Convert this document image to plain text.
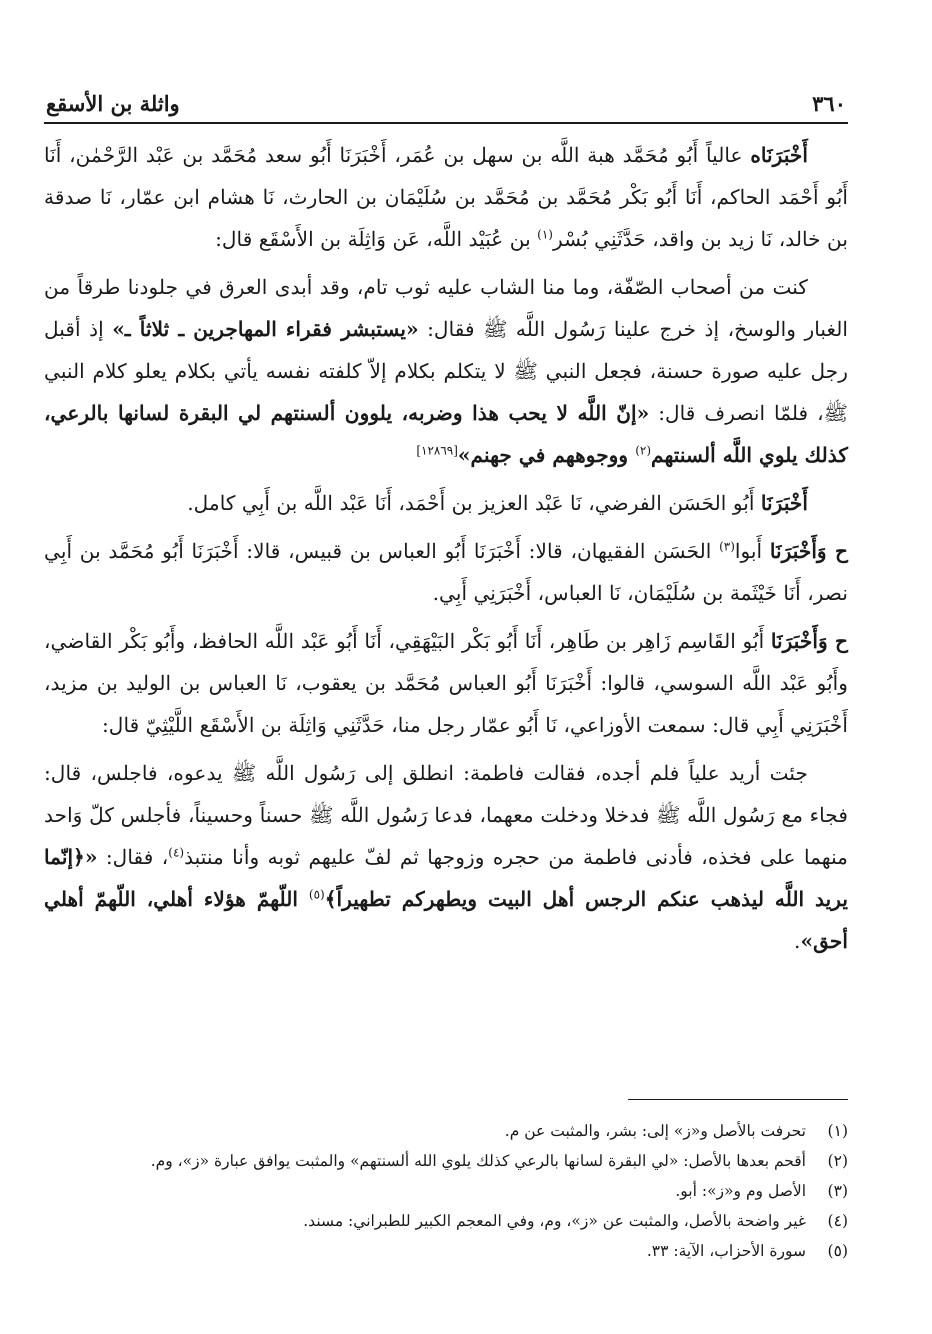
٣٦٠
واثلة بن الأسقع

أَخْبَرَنَاه عالياً أَبُو مُحَمَّد هبة اللَّه بن سهل بن عُمَر، أَخْبَرَنَا أَبُو سعد مُحَمَّد بن عَبْد الرَّحْمٰن، أَنَا أَبُو أَحْمَد الحاكم، أَنَا أَبُو بَكْر مُحَمَّد بن مُحَمَّد بن سُلَيْمَان بن الحارث، نَا هشام ابن عمّار، نَا صدقة بن خالد، نَا زيد بن واقد، حَدَّثَنِي بُسْر$^{(١)}$ بن عُبَيْد اللَّه، عَن وَاثِلَة بن الأَسْقَع قال:

كنت من أصحاب الصّفّة، وما منا الشاب عليه ثوب تام، وقد أبدى العرق في جلودنا طرقاً من الغبار والوسخ، إذ خرج علينا رَسُول اللَّه ﷺ فقال: «يستبشر فقراء المهاجرين ـ ثلاثاً ـ» إذ أقبل رجل عليه صورة حسنة، فجعل النبي ﷺ لا يتكلم بكلام إلاّ كلفته نفسه يأتي بكلام يعلو كلام النبي ﷺ، فلمّا انصرف قال: «إنّ اللَّه لا يحب هذا وضربه، يلوون ألسنتهم لي البقرة لسانها بالرعي، كذلك يلوي اللَّه ألسنتهم$^{(٢)}$ ووجوههم في جهنم»[١٢٨٦٩]

أَخْبَرَنَا أَبُو الحَسَن الفرضي، نَا عَبْد العزيز بن أَحْمَد، أَنَا عَبْد اللَّه بن أَبِي كامل.

ح وَأَخْبَرَنَا أَبوا$^{(٣)}$ الحَسَن الفقيهان، قالا: أَخْبَرَنَا أَبُو العباس بن قبيس، قالا: أَخْبَرَنَا أَبُو مُحَمَّد بن أَبِي نصر، أَنَا خَيْثَمة بن سُلَيْمَان، نَا العباس، أَخْبَرَنِي أَبِي.

ح وَأَخْبَرَنَا أَبُو القَاسِم زَاهِر بن طَاهِر، أَنَا أَبُو بَكْر البَيْهَقِي، أَنَا أَبُو عَبْد اللَّه الحافظ، وأَبُو بَكْر القاضي، وأَبُو عَبْد اللَّه السوسي، قالوا: أَخْبَرَنَا أَبُو العباس مُحَمَّد بن يعقوب، نَا العباس بن الوليد بن مزيد، أَخْبَرَنِي أَبِي قال: سمعت الأوزاعي، نَا أَبُو عمّار رجل منا، حَدَّثَنِي وَاثِلَة بن الأَسْقَع اللَّيْثِيّ قال:

جئت أريد علياً فلم أجده، فقالت فاطمة: انطلق إلى رَسُول اللَّه ﷺ يدعوه، فاجلس، قال: فجاء مع رَسُول اللَّه ﷺ فدخلا ودخلت معهما، فدعا رَسُول اللَّه ﷺ حسناً وحسيناً، فأجلس كلّ وَاحد منهما على فخذه، فأدنى فاطمة من حجره وزوجها ثم لفّ عليهم ثوبه وأنا منتبذ$^{(٤)}$، فقال: «﴿إنّما يريد اللَّه ليذهب عنكم الرجس أهل البيت ويطهركم تطهيراً﴾$^{(٥)}$ اللّهمّ هؤلاء أهلي، اللّهمّ أهلي أحق».

(١)
تحرفت بالأصل و«ز» إلى: بشر، والمثبت عن م.
(٢)
أقحم بعدها بالأصل: «لي البقرة لسانها بالرعي كذلك يلوي الله ألسنتهم» والمثبت يوافق عبارة «ز»، وم.
(٣)
الأصل وم و«ز»: أبو.
(٤)
غير واضحة بالأصل، والمثبت عن «ز»، وم، وفي المعجم الكبير للطبراني: مسند.
(٥)
سورة الأحزاب، الآية: ٣٣.
